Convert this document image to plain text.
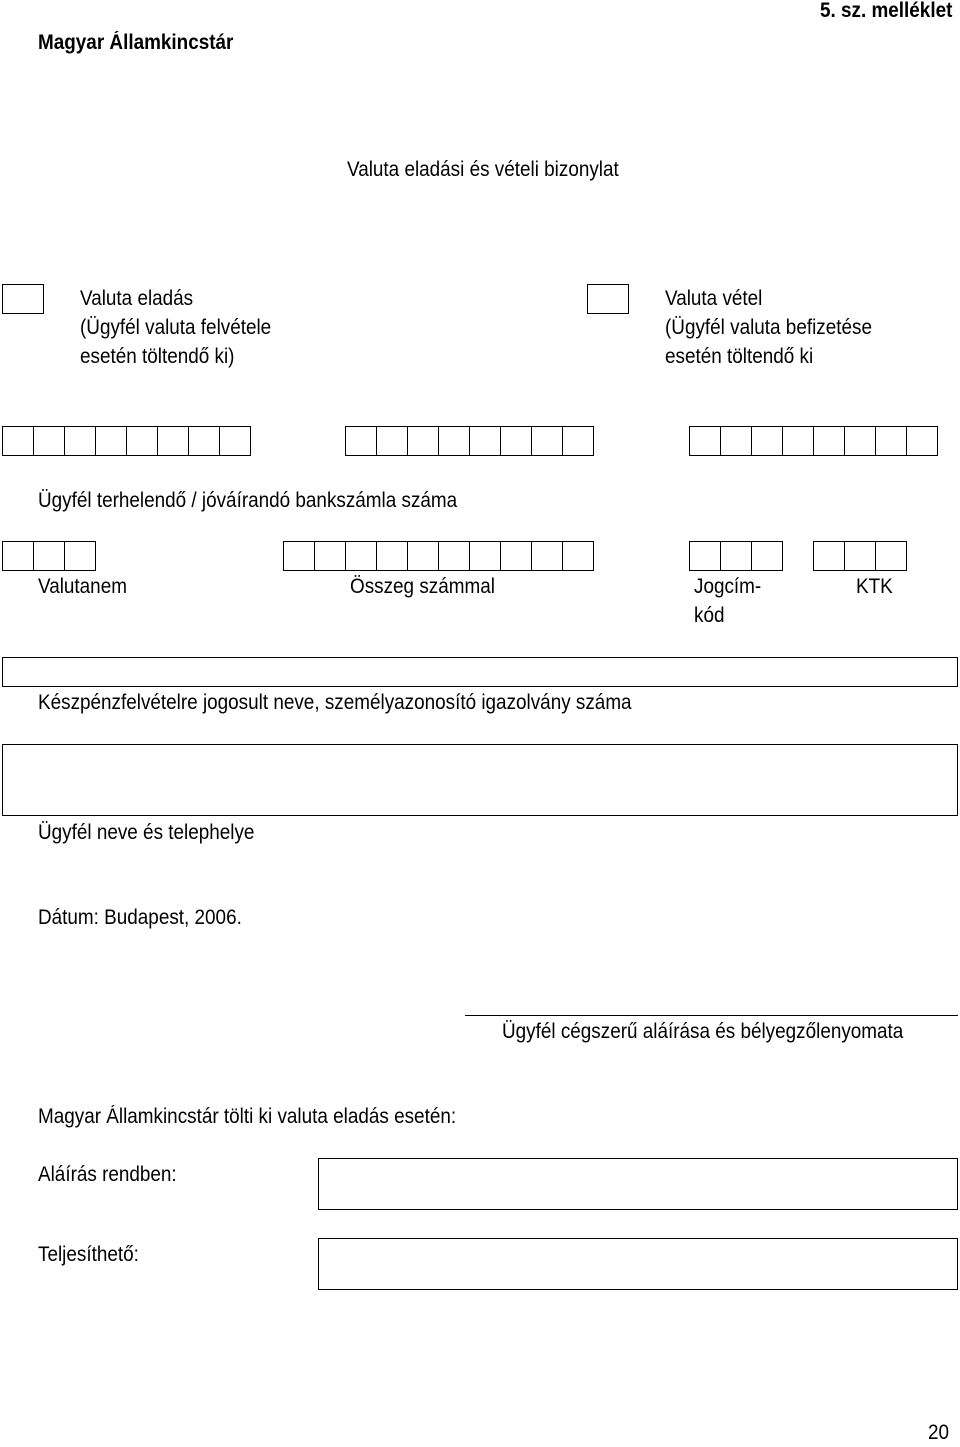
Magyar Államkincstár
5. sz. melléklet
Valuta eladási és vételi bizonylat
Valuta eladás
(Ügyfél valuta felvétele
esetén töltendő ki)
Valuta vétel
(Ügyfél valuta befizetése
esetén töltendő ki
Ügyfél terhelendő / jóváírandó bankszámla száma
Valutanem	Összeg számmal	Jogcím-
kód
KTK
Készpénzfelvételre jogosult neve, személyazonosító igazolvány száma
Ügyfél neve és telephelye
Dátum: Budapest, 2006.
Ügyfél cégszerű aláírása és bélyegzőlenyomata
Magyar Államkincstár tölti ki valuta eladás esetén:
Aláírás rendben:
Teljesíthető:
20
